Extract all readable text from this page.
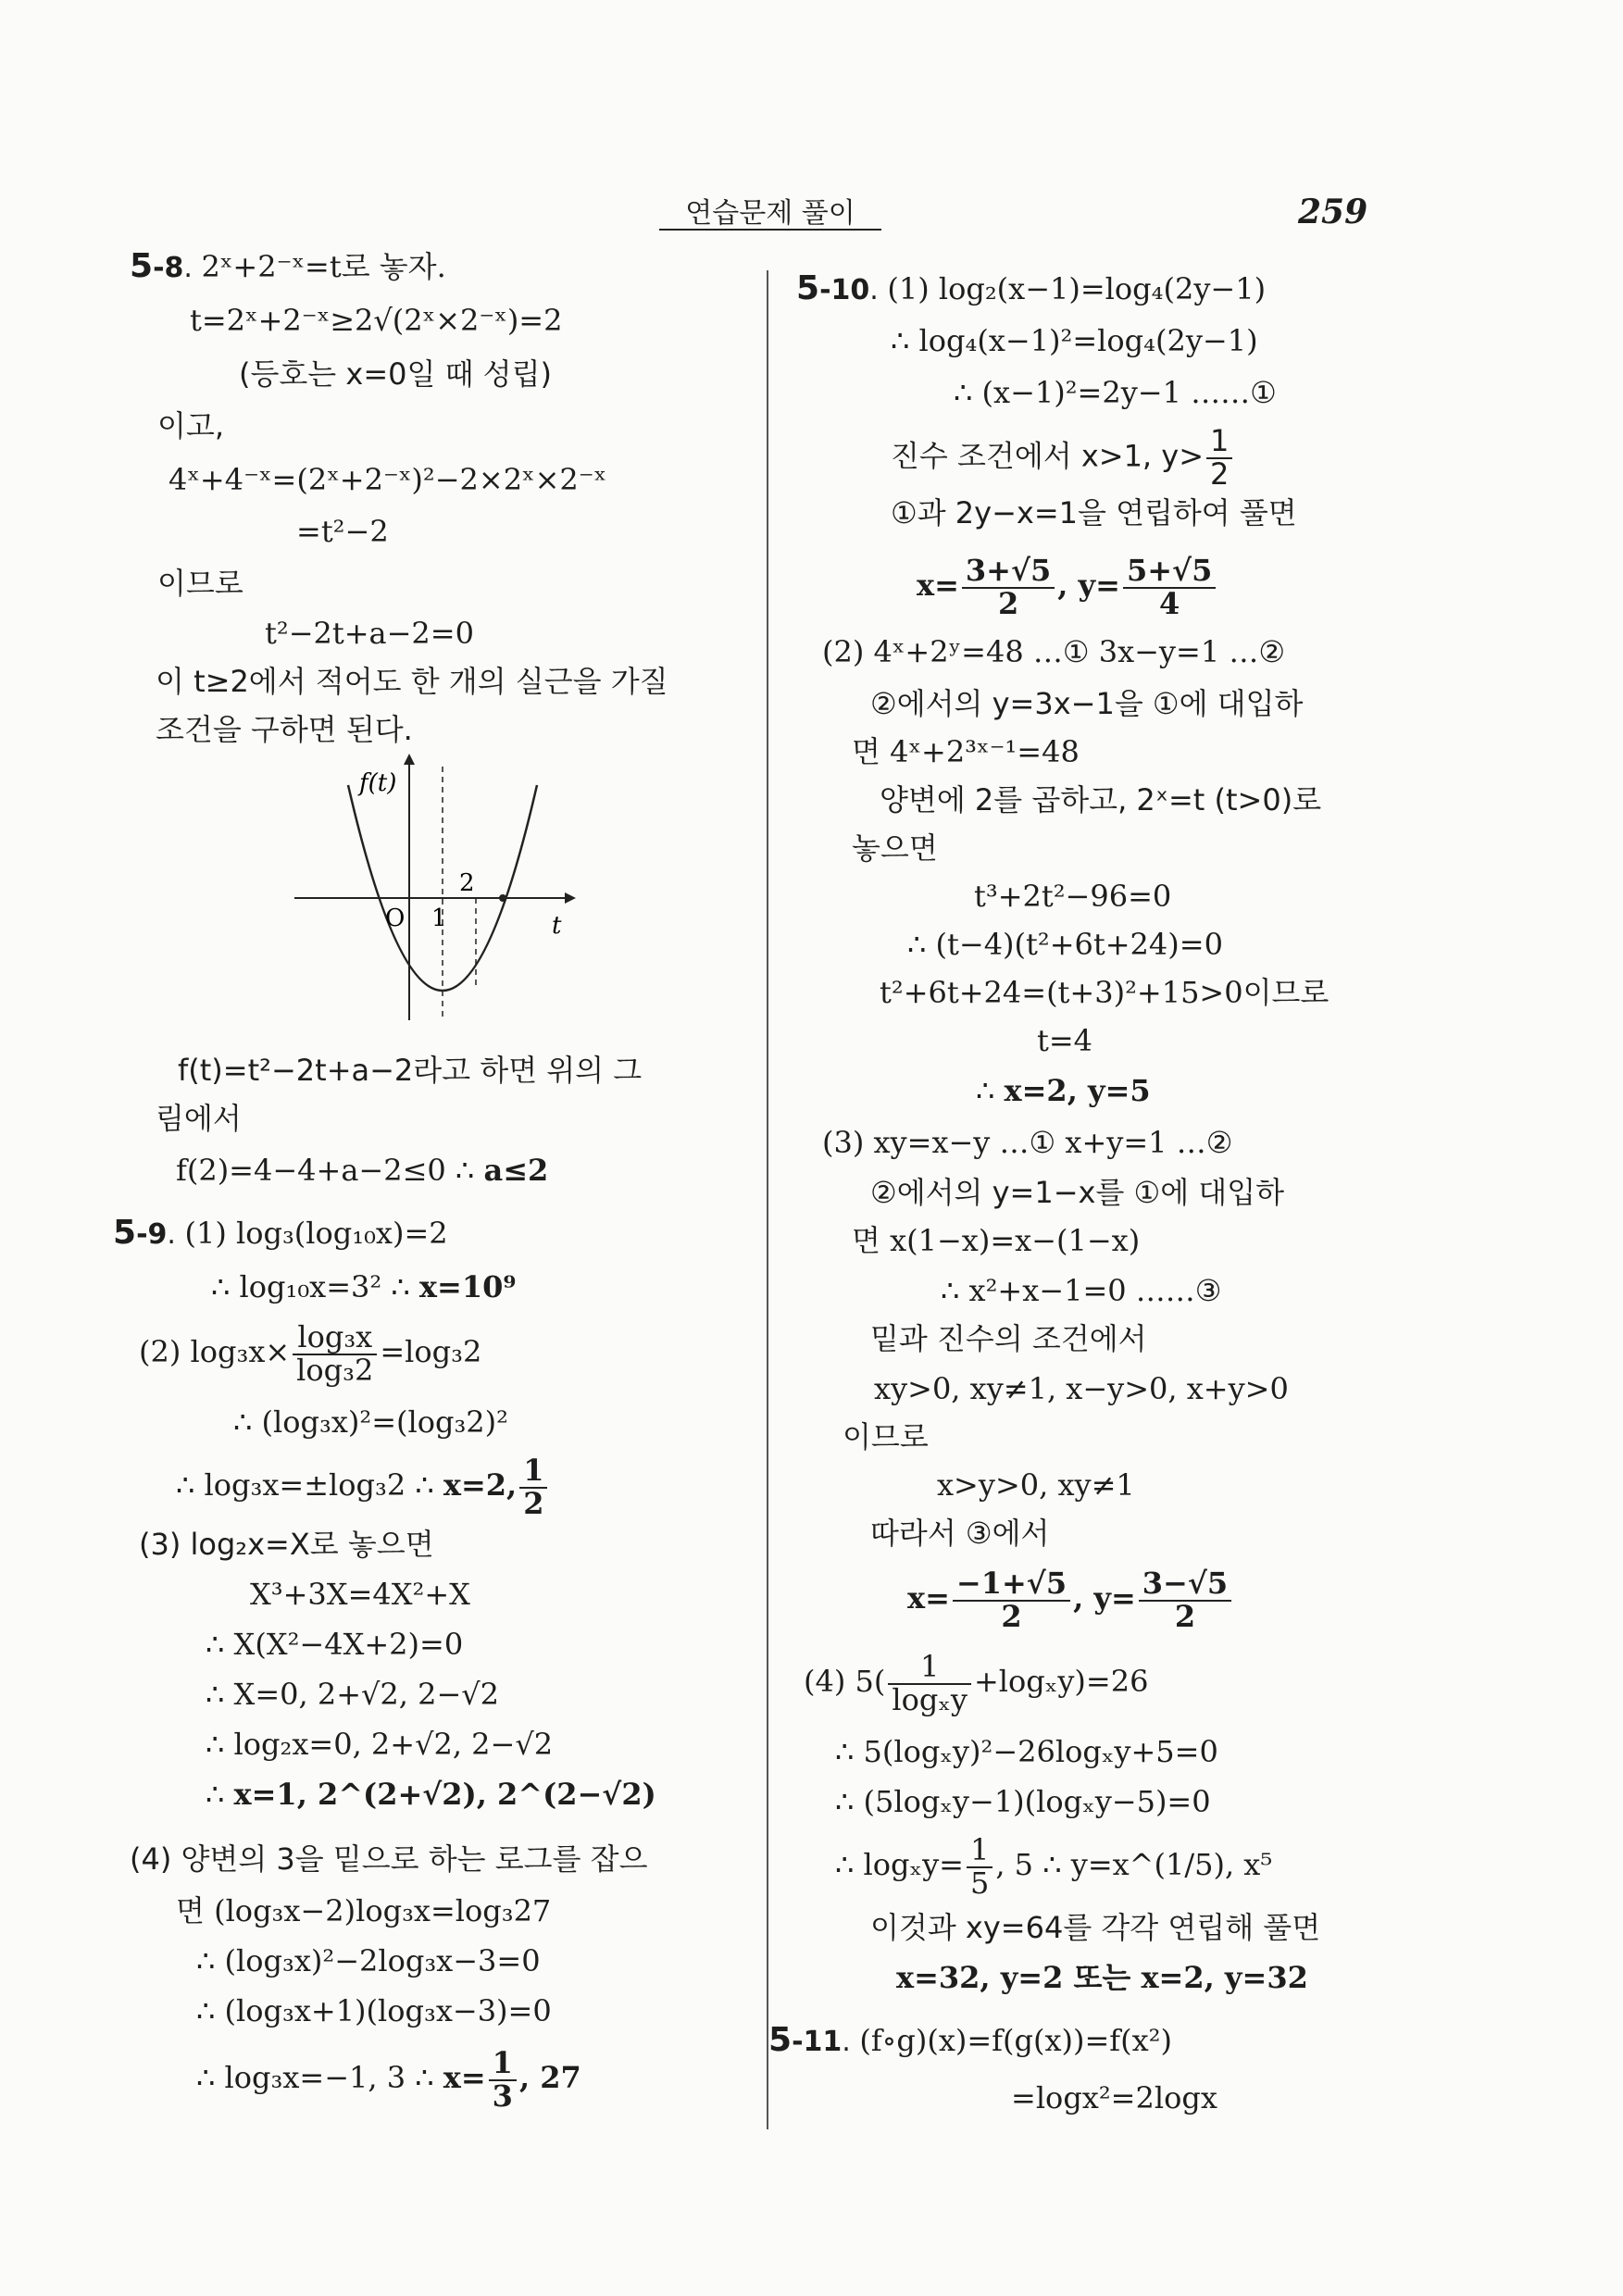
연습문제 풀이	259
5-8. 2ˣ+2⁻ˣ=t로 놓자.
t=2ˣ+2⁻ˣ≥2√(2ˣ×2⁻ˣ)=2
(등호는 x=0일 때 성립)
이고,
4ˣ+4⁻ˣ=(2ˣ+2⁻ˣ)²−2×2ˣ×2⁻ˣ
=t²−2
이므로
t²−2t+a−2=0
이 t≥2에서 적어도 한 개의 실근을 가질
조건을 구하면 된다.
f(t)
t
O 1
2
f(t)=t²−2t+a−2라고 하면 위의 그
림에서
f(2)=4−4+a−2≤0 ∴ a≤2
5-9. (1) log₃(log₁₀x)=2
∴ log₁₀x=3² ∴ x=10⁹
(2) $\log_3x\times \frac{\text{log₃x}}{\text{log₃2}} =\log_32$
∴ (log₃x)²=(log₃2)²
∴ log₃x=±log₃2 ∴ x=2, $\frac{1}{2}$
(3) log₂x=X로 놓으면
X³+3X=4X²+X
∴ X(X²−4X+2)=0
∴ X=0, 2+√2, 2−√2
∴ log₂x=0, 2+√2, 2−√2
∴ x=1, 2^(2+√2), 2^(2−√2)
(4) 양변의 3을 밑으로 하는 로그를 잡으
면 (log₃x−2)log₃x=log₃27
∴ (log₃x)²−2log₃x−3=0
∴ (log₃x+1)(log₃x−3)=0
∴ log₃x=−1, 3 ∴ $x= \frac{1}{3}$ , 27
5-10. (1) log₂(x−1)=log₄(2y−1)
∴ log₄(x−1)²=log₄(2y−1)
∴ (x−1)²=2y−1 ……①
진수 조건에서 x>1, $y> \frac{1}{2}$
①과 2y−x=1을 연립하여 풀면
$x= \frac{3+√5}{2}$ , $y= \frac{5+√5}{4}$
(2) 4ˣ+2ʸ=48 …① 3x−y=1 …②
②에서의 y=3x−1을 ①에 대입하
면 4ˣ+2³ˣ⁻¹=48
양변에 2를 곱하고, 2ˣ=t (t>0)로
놓으면
t³+2t²−96=0
∴ (t−4)(t²+6t+24)=0
t²+6t+24=(t+3)²+15>0이므로
t=4
∴ x=2, y=5
(3) xy=x−y …① x+y=1 …②
②에서의 y=1−x를 ①에 대입하
면 x(1−x)=x−(1−x)
∴ x²+x−1=0 ……③
밑과 진수의 조건에서
xy>0, xy≠1, x−y>0, x+y>0
이므로
x>y>0, xy≠1
따라서 ③에서
$x= \frac{-1+√5}{2}$ , $y= \frac{3-√5}{2}$
(4) $5( \frac{1}{\text{logₓy}} +\log_xy)=26$
∴ 5(logₓy)²−26logₓy+5=0
∴ (5logₓy−1)(logₓy−5)=0
∴ $\log_xy= \frac{1}{5}$ , 5 ∴ y=x^(1/5), x⁵
이것과 xy=64를 각각 연립해 풀면
x=32, y=2 또는 x=2, y=32
5-11. (f∘g)(x)=f(g(x))=f(x²)
=logx²=2logx
